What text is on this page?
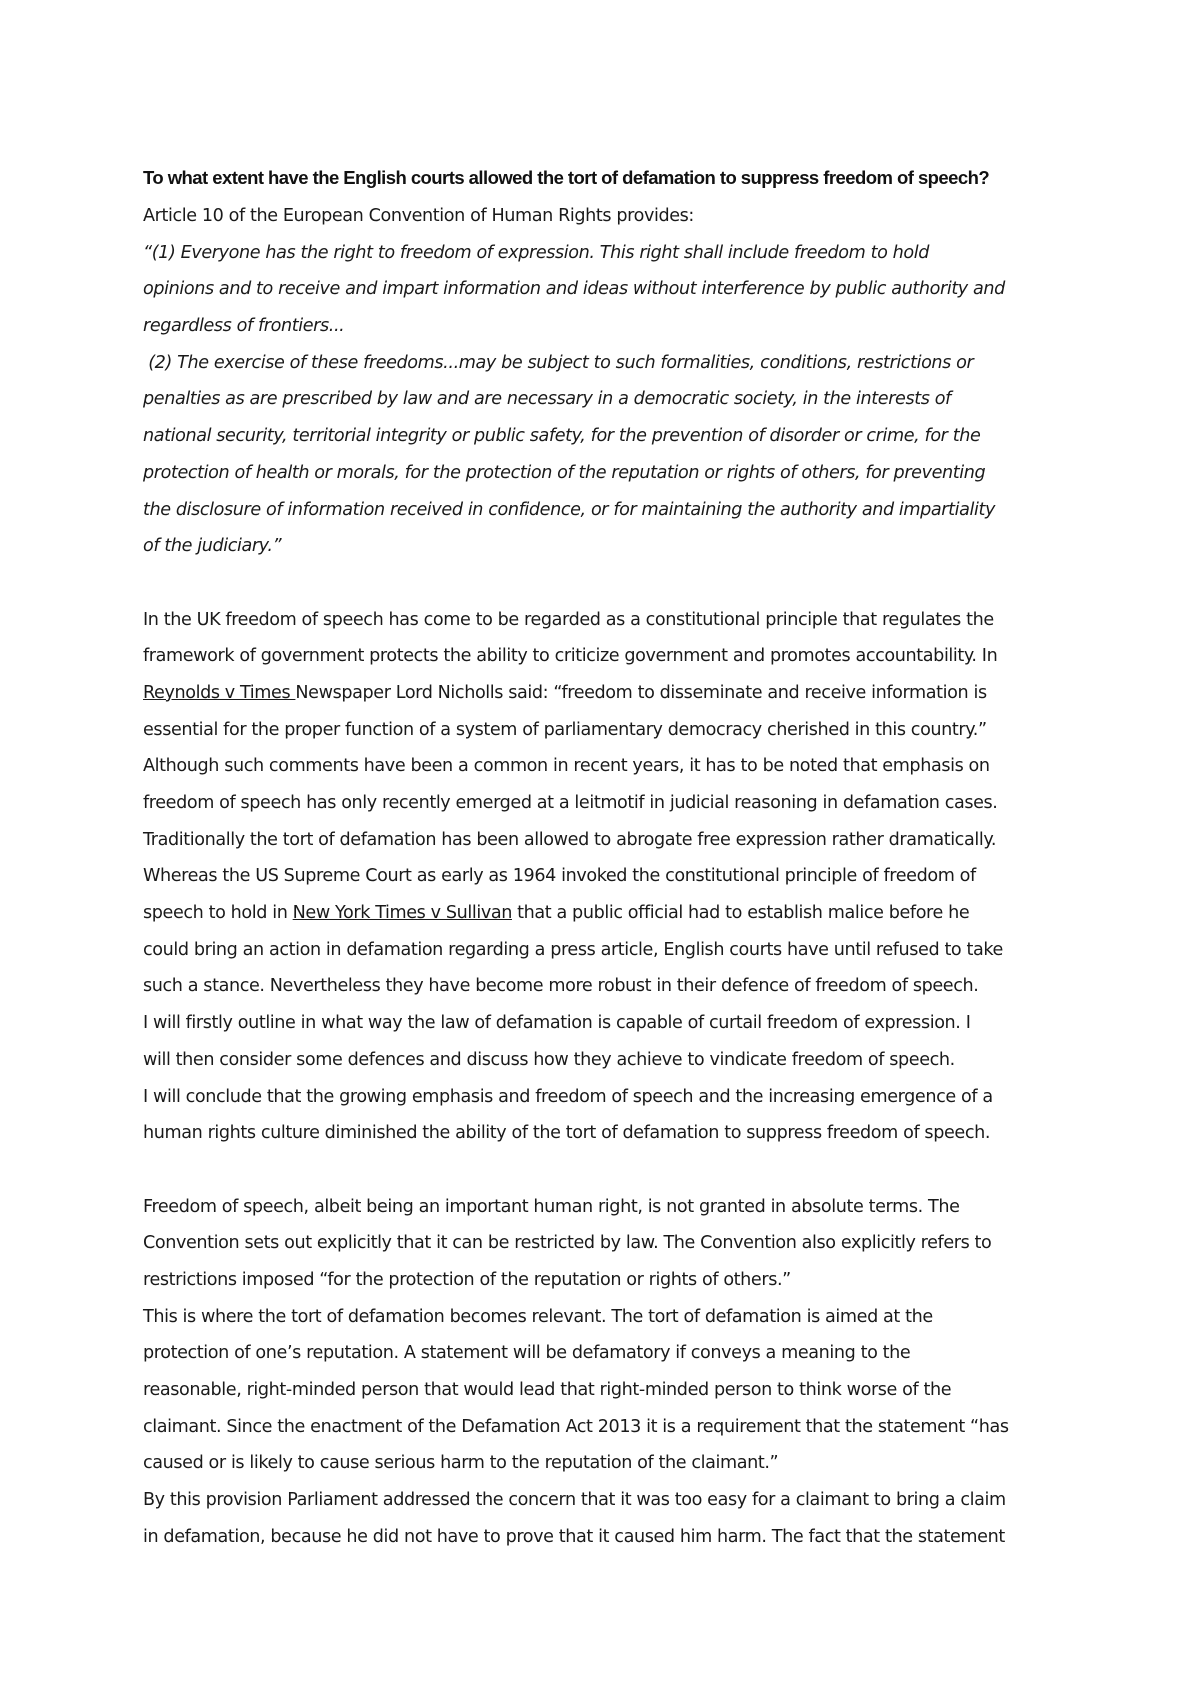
To what extent have the English courts allowed the tort of defamation to suppress freedom of speech?
Article 10 of the European Convention of Human Rights provides:
“(1) Everyone has the right to freedom of expression. This right shall include freedom to hold
opinions and to receive and impart information and ideas without interference by public authority and
regardless of frontiers...
(2) The exercise of these freedoms...may be subject to such formalities, conditions, restrictions or
penalties as are prescribed by law and are necessary in a democratic society, in the interests of
national security, territorial integrity or public safety, for the prevention of disorder or crime, for the
protection of health or morals, for the protection of the reputation or rights of others, for preventing
the disclosure of information received in confidence, or for maintaining the authority and impartiality
of the judiciary.”
In the UK freedom of speech has come to be regarded as a constitutional principle that regulates the
framework of government protects the ability to criticize government and promotes accountability. In
Reynolds v Times Newspaper Lord Nicholls said: “freedom to disseminate and receive information is
essential for the proper function of a system of parliamentary democracy cherished in this country.”
Although such comments have been a common in recent years, it has to be noted that emphasis on
freedom of speech has only recently emerged at a leitmotif in judicial reasoning in defamation cases.
Traditionally the tort of defamation has been allowed to abrogate free expression rather dramatically.
Whereas the US Supreme Court as early as 1964 invoked the constitutional principle of freedom of
speech to hold in New York Times v Sullivan that a public official had to establish malice before he
could bring an action in defamation regarding a press article, English courts have until refused to take
such a stance. Nevertheless they have become more robust in their defence of freedom of speech.
I will firstly outline in what way the law of defamation is capable of curtail freedom of expression. I
will then consider some defences and discuss how they achieve to vindicate freedom of speech.
I will conclude that the growing emphasis and freedom of speech and the increasing emergence of a
human rights culture diminished the ability of the tort of defamation to suppress freedom of speech.
Freedom of speech, albeit being an important human right, is not granted in absolute terms. The
Convention sets out explicitly that it can be restricted by law. The Convention also explicitly refers to
restrictions imposed “for the protection of the reputation or rights of others.”
This is where the tort of defamation becomes relevant. The tort of defamation is aimed at the
protection of one’s reputation. A statement will be defamatory if conveys a meaning to the
reasonable, right-minded person that would lead that right-minded person to think worse of the
claimant. Since the enactment of the Defamation Act 2013 it is a requirement that the statement “has
caused or is likely to cause serious harm to the reputation of the claimant.”
By this provision Parliament addressed the concern that it was too easy for a claimant to bring a claim
in defamation, because he did not have to prove that it caused him harm. The fact that the statement
